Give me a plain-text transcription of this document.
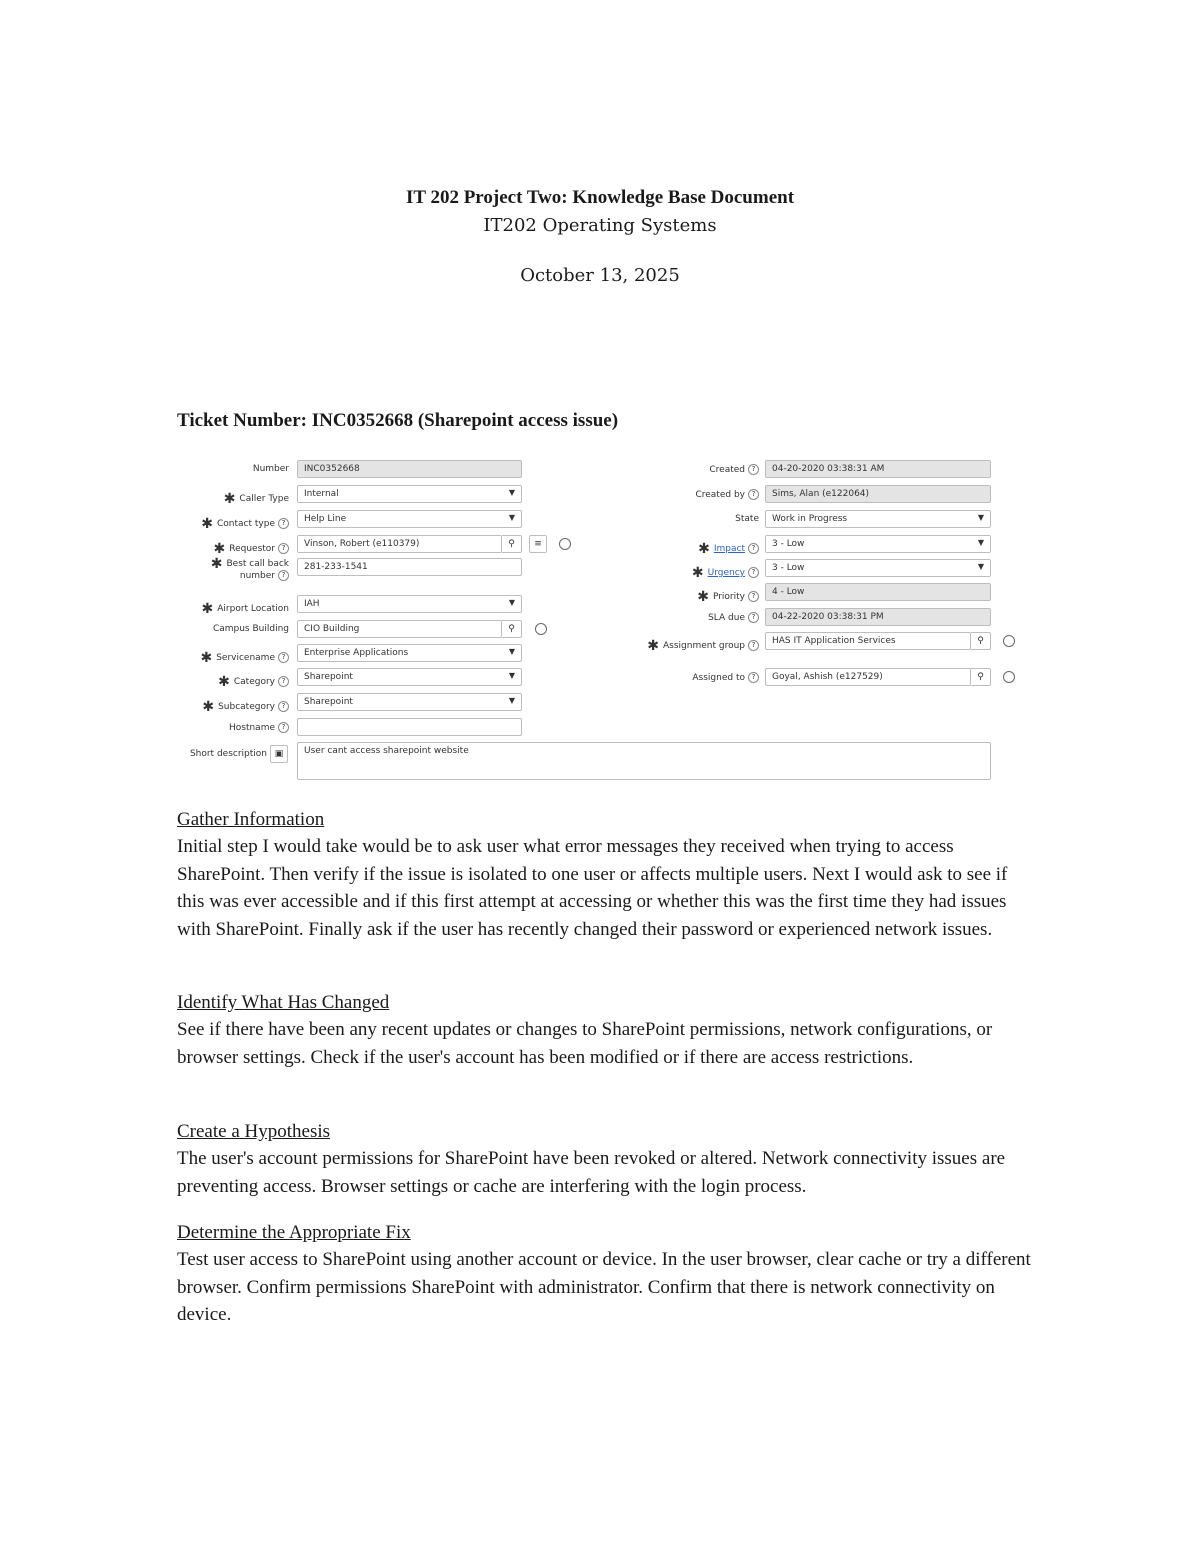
IT 202 Project Two: Knowledge Base Document
IT202 Operating Systems
October 13, 2025
Ticket Number: INC0352668 (Sharepoint access issue)
Number	INC0352668
✱ Caller Type	Internal	▼
✱ Contact type ?	Help Line	▼
✱ Requestor ?	Vinson, Robert (e110379)	⚲	≡
✱ Best call back
number ?
281-233-1541
✱ Airport Location	IAH	▼
Campus Building	CIO Building	⚲
✱ Servicename ?	Enterprise Applications	▼
✱ Category ?	Sharepoint	▼
✱ Subcategory ?	Sharepoint	▼
Hostname ?
Short description ▣	User cant access sharepoint website
Created ?	04-20-2020 03:38:31 AM
Created by ?	Sims, Alan (e122064)
State	Work in Progress	▼
✱ Impact ?	3 - Low	▼
✱ Urgency ?	3 - Low	▼
✱ Priority ?	4 - Low
SLA due ?	04-22-2020 03:38:31 PM
✱ Assignment group ?	HAS IT Application Services	⚲
Assigned to ?	Goyal, Ashish (e127529)	⚲
Gather Information

Initial step I would take would be to ask user what error messages they received when trying to access SharePoint. Then verify if the issue is isolated to one user or affects multiple users. Next I would ask to see if this was ever accessible and if this first attempt at accessing or whether this was the first time they had issues with SharePoint. Finally ask if the user has recently changed their password or experienced network issues.

Identify What Has Changed

See if there have been any recent updates or changes to SharePoint permissions, network configurations, or browser settings. Check if the user's account has been modified or if there are access restrictions.

Create a Hypothesis

The user's account permissions for SharePoint have been revoked or altered. Network connectivity issues are preventing access. Browser settings or cache are interfering with the login process.

Determine the Appropriate Fix

Test user access to SharePoint using another account or device. In the user browser, clear cache or try a different browser. Confirm permissions SharePoint with administrator. Confirm that there is network connectivity on device.
